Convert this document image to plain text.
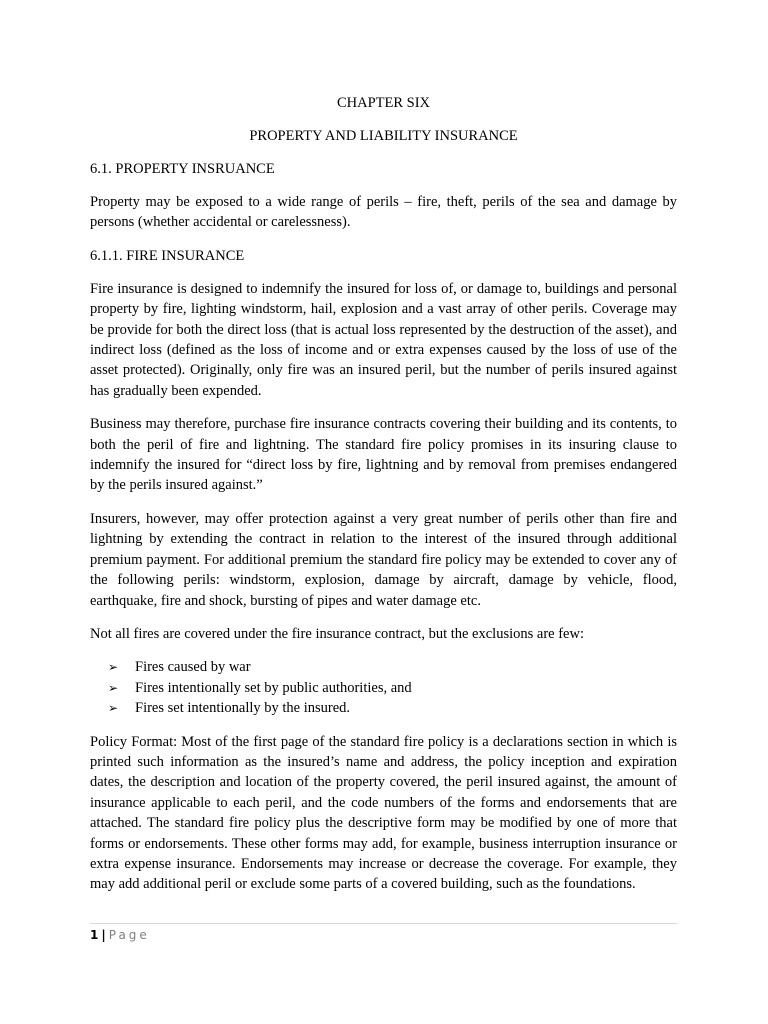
CHAPTER SIX

PROPERTY AND LIABILITY INSURANCE

6.1. PROPERTY INSRUANCE

Property may be exposed to a wide range of perils – fire, theft, perils of the sea and damage by persons (whether accidental or carelessness).

6.1.1. FIRE INSURANCE

Fire insurance is designed to indemnify the insured for loss of, or damage to, buildings and personal property by fire, lighting windstorm, hail, explosion and a vast array of other perils. Coverage may be provide for both the direct loss (that is actual loss represented by the destruction of the asset), and indirect loss (defined as the loss of income and or extra expenses caused by the loss of use of the asset protected). Originally, only fire was an insured peril, but the number of perils insured against has gradually been expended.

Business may therefore, purchase fire insurance contracts covering their building and its contents, to both the peril of fire and lightning. The standard fire policy promises in its insuring clause to indemnify the insured for “direct loss by fire, lightning and by removal from premises endangered by the perils insured against.”

Insurers, however, may offer protection against a very great number of perils other than fire and lightning by extending the contract in relation to the interest of the insured through additional premium payment. For additional premium the standard fire policy may be extended to cover any of the following perils: windstorm, explosion, damage by aircraft, damage by vehicle, flood, earthquake, fire and shock, bursting of pipes and water damage etc.

Not all fires are covered under the fire insurance contract, but the exclusions are few:

➢	Fires caused by war
➢	Fires intentionally set by public authorities, and
➢	Fires set intentionally by the insured.

Policy Format: Most of the first page of the standard fire policy is a declarations section in which is printed such information as the insured’s name and address, the policy inception and expiration dates, the description and location of the property covered, the peril insured against, the amount of insurance applicable to each peril, and the code numbers of the forms and endorsements that are attached. The standard fire policy plus the descriptive form may be modified by one of more that forms or endorsements. These other forms may add, for example, business interruption insurance or extra expense insurance. Endorsements may increase or decrease the coverage. For example, they may add additional peril or exclude some parts of a covered building, such as the foundations.

1 | Page
